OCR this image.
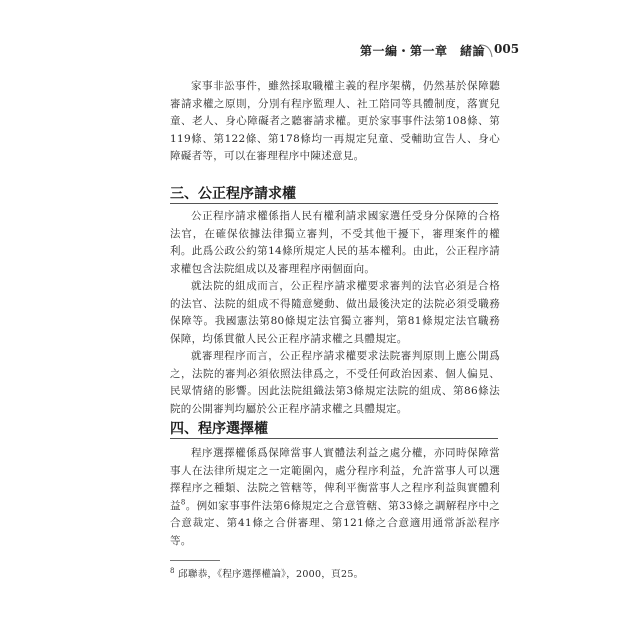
第一編・第一章　緒論 005

家事非訟事件，雖然採取職權主義的程序架構，仍然基於保障聽審請求權之原則，分別有程序監理人、社工陪同等具體制度，落實兒童、老人、身心障礙者之聽審請求權。更於家事事件法第108條、第119條、第122條、第178條均一再規定兒童、受輔助宣告人、身心障礙者等，可以在審理程序中陳述意見。

三、公正程序請求權

公正程序請求權係指人民有權利請求國家選任受身分保障的合格法官，在確保依據法律獨立審判，不受其他干擾下，審理案件的權利。此爲公政公約第14條所規定人民的基本權利。由此，公正程序請求權包含法院組成以及審理程序兩個面向。

就法院的組成而言，公正程序請求權要求審判的法官必須是合格的法官、法院的組成不得隨意變動、做出最後決定的法院必須受職務保障等。我國憲法第80條規定法官獨立審判，第81條規定法官職務保障，均係貫徹人民公正程序請求權之具體規定。

就審理程序而言，公正程序請求權要求法院審判原則上應公開爲之，法院的審判必須依照法律爲之，不受任何政治因素、個人偏見、民眾情緒的影響。因此法院組織法第3條規定法院的組成、第86條法院的公開審判均屬於公正程序請求權之具體規定。

四、程序選擇權

程序選擇權係爲保障當事人實體法利益之處分權，亦同時保障當事人在法律所規定之一定範圍內，處分程序利益，允許當事人可以選擇程序之種類、法院之管轄等，俾利平衡當事人之程序利益與實體利益$^8$。例如家事事件法第6條規定之合意管轄、第33條之調解程序中之合意裁定、第41條之合併審理、第121條之合意適用通常訴訟程序等。

$^8$ 邱聯恭，《程序選擇權論》，2000，頁25。
